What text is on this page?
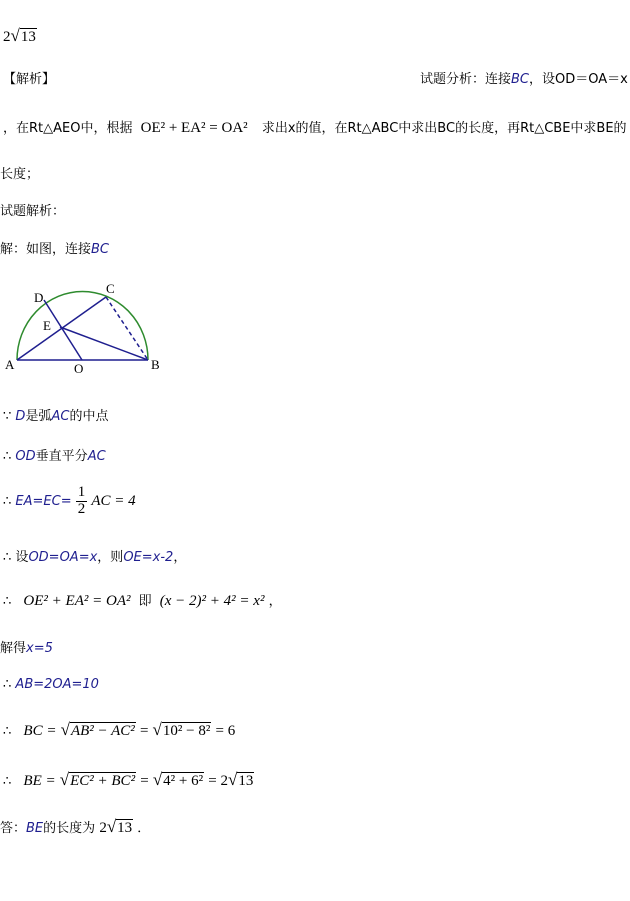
2√13
【解析】	试题分析：连接BC，设OD＝OA＝x
，在Rt△AEO中，根据 OE² + EA² = OA² 求出x的值，在Rt△ABC中求出BC的长度，再Rt△CBE中求BE的
长度；
试题解析：
解：如图，连接BC
A	B
C
D
E
O
∵ D是弧AC的中点
∴ OD垂直平分AC
∴ $EA=EC= \frac{1}{2}$ AC = 4
∴ 设OD=OA=x，则OE=x-2，
∴ OE² + EA² = OA² 即 (x − 2)² + 4² = x² ，
解得x=5
∴ AB=2OA=10
∴ BC = √AB² − AC² = √10² − 8² = 6
∴ BE = √EC² + BC² = √4² + 6² = 2√13
答：BE的长度为 2√13 ．
